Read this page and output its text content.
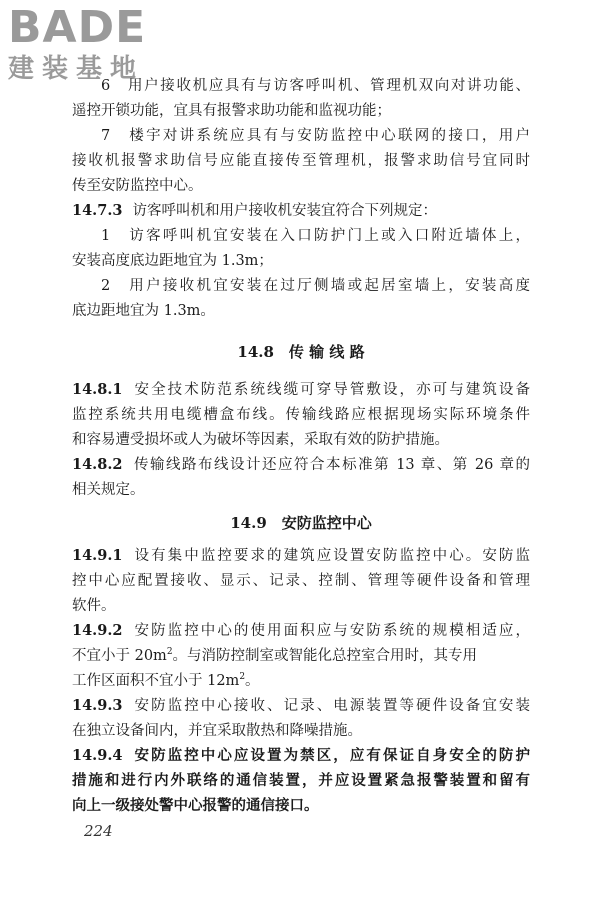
BADE
建装基地
6　用户接收机应具有与访客呼叫机、管理机双向对讲功能、
遥控开锁功能，宜具有报警求助功能和监视功能；
7　楼宇对讲系统应具有与安防监控中心联网的接口，用户
接收机报警求助信号应能直接传至管理机，报警求助信号宜同时
传至安防监控中心。
14.7.3 访客呼叫机和用户接收机安装宜符合下列规定：
1　访客呼叫机宜安装在入口防护门上或入口附近墙体上，
安装高度底边距地宜为 1.3m；
2　用户接收机宜安装在过厅侧墙或起居室墙上，安装高度
底边距地宜为 1.3m。
14.8　传 输 线 路
14.8.1 安全技术防范系统线缆可穿导管敷设，亦可与建筑设备
监控系统共用电缆槽盒布线。传输线路应根据现场实际环境条件
和容易遭受损坏或人为破坏等因素，采取有效的防护措施。
14.8.2 传输线路布线设计还应符合本标准第 13 章、第 26 章的
相关规定。
14.9　安防监控中心
14.9.1 设有集中监控要求的建筑应设置安防监控中心。安防监
控中心应配置接收、显示、记录、控制、管理等硬件设备和管理
软件。
14.9.2 安防监控中心的使用面积应与安防系统的规模相适应，
不宜小于 $20m^2$。与消防控制室或智能化总控室合用时，其专用
工作区面积不宜小于 $12m^2$。
14.9.3 安防监控中心接收、记录、电源装置等硬件设备宜安装
在独立设备间内，并宜采取散热和降噪措施。
14.9.4 安防监控中心应设置为禁区，应有保证自身安全的防护
措施和进行内外联络的通信装置，并应设置紧急报警装置和留有
向上一级接处警中心报警的通信接口。
224
